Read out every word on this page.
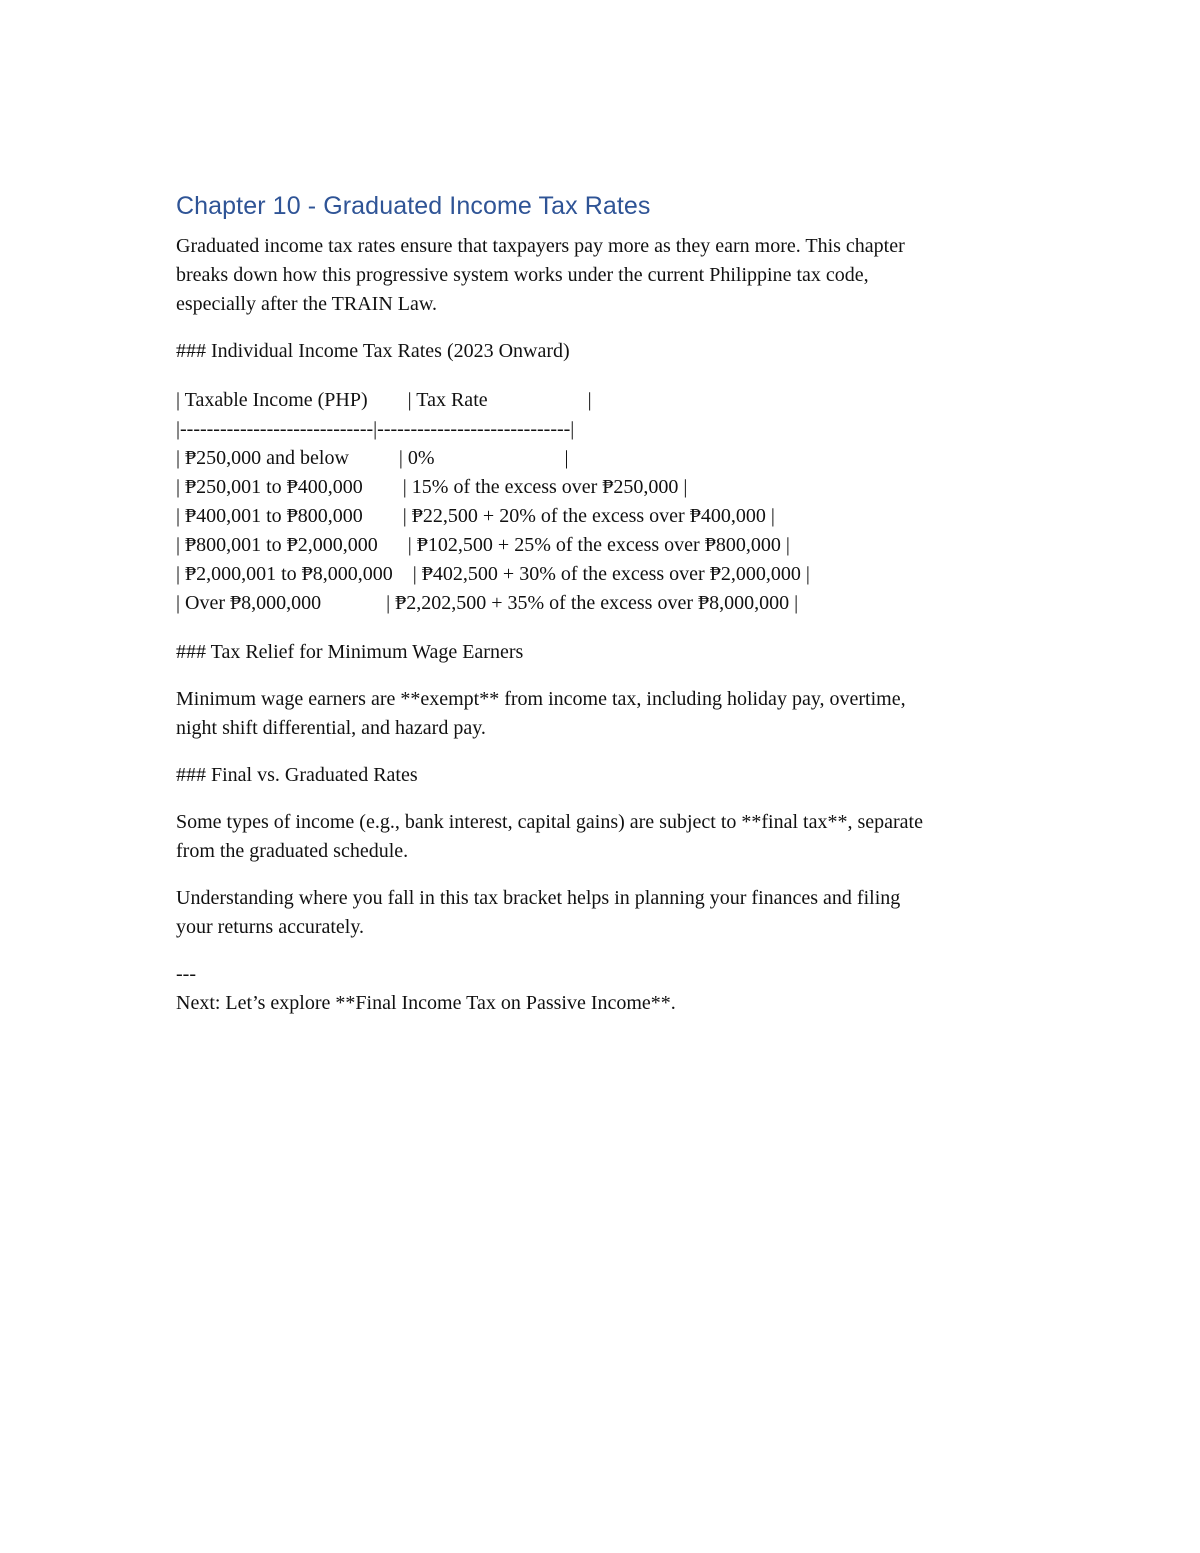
Chapter 10 - Graduated Income Tax Rates

Graduated income tax rates ensure that taxpayers pay more as they earn more. This chapter

breaks down how this progressive system works under the current Philippine tax code,

especially after the TRAIN Law.

### Individual Income Tax Rates (2023 Onward)

| Taxable Income (PHP)        | Tax Rate                    |

|-----------------------------|-----------------------------|

| ₱250,000 and below          | 0%                          |

| ₱250,001 to ₱400,000        | 15% of the excess over ₱250,000 |

| ₱400,001 to ₱800,000        | ₱22,500 + 20% of the excess over ₱400,000 |

| ₱800,001 to ₱2,000,000      | ₱102,500 + 25% of the excess over ₱800,000 |

| ₱2,000,001 to ₱8,000,000    | ₱402,500 + 30% of the excess over ₱2,000,000 |

| Over ₱8,000,000             | ₱2,202,500 + 35% of the excess over ₱8,000,000 |

### Tax Relief for Minimum Wage Earners

Minimum wage earners are **exempt** from income tax, including holiday pay, overtime,

night shift differential, and hazard pay.

### Final vs. Graduated Rates

Some types of income (e.g., bank interest, capital gains) are subject to **final tax**, separate

from the graduated schedule.

Understanding where you fall in this tax bracket helps in planning your finances and filing

your returns accurately.

---

Next: Let’s explore **Final Income Tax on Passive Income**.
